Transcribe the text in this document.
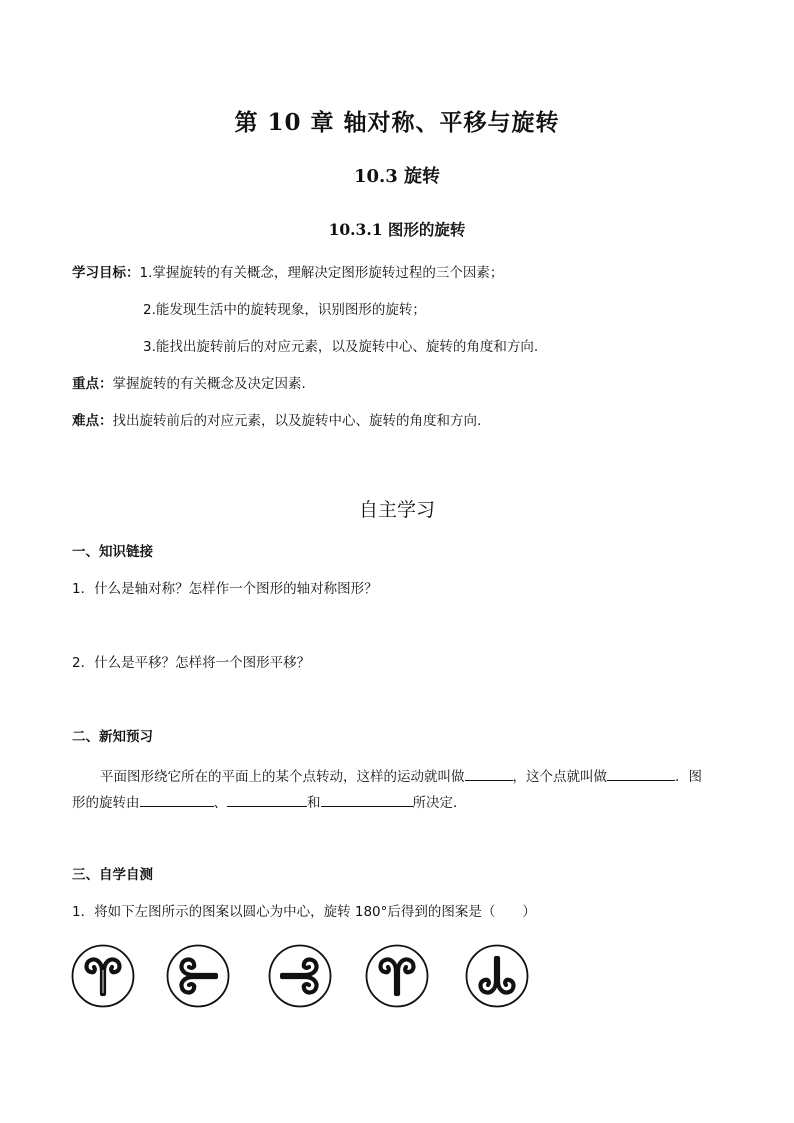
第 10 章 轴对称、平移与旋转
10.3 旋转
10.3.1 图形的旋转
学习目标：1.掌握旋转的有关概念，理解决定图形旋转过程的三个因素；
2.能发现生活中的旋转现象，识别图形的旋转；
3.能找出旋转前后的对应元素，以及旋转中心、旋转的角度和方向.
重点：掌握旋转的有关概念及决定因素.
难点：找出旋转前后的对应元素，以及旋转中心、旋转的角度和方向.
自主学习
一、知识链接
1．什么是轴对称？怎样作一个图形的轴对称图形？
2．什么是平移？怎样将一个图形平移？
二、新知预习
平面图形绕它所在的平面上的某个点转动，这样的运动就叫做	，这个点就叫做	．图
形的旋转由	、	和	所决定．
三、自学自测
1．将如下左图所示的图案以圆心为中心，旋转 180°后得到的图案是（　　）
